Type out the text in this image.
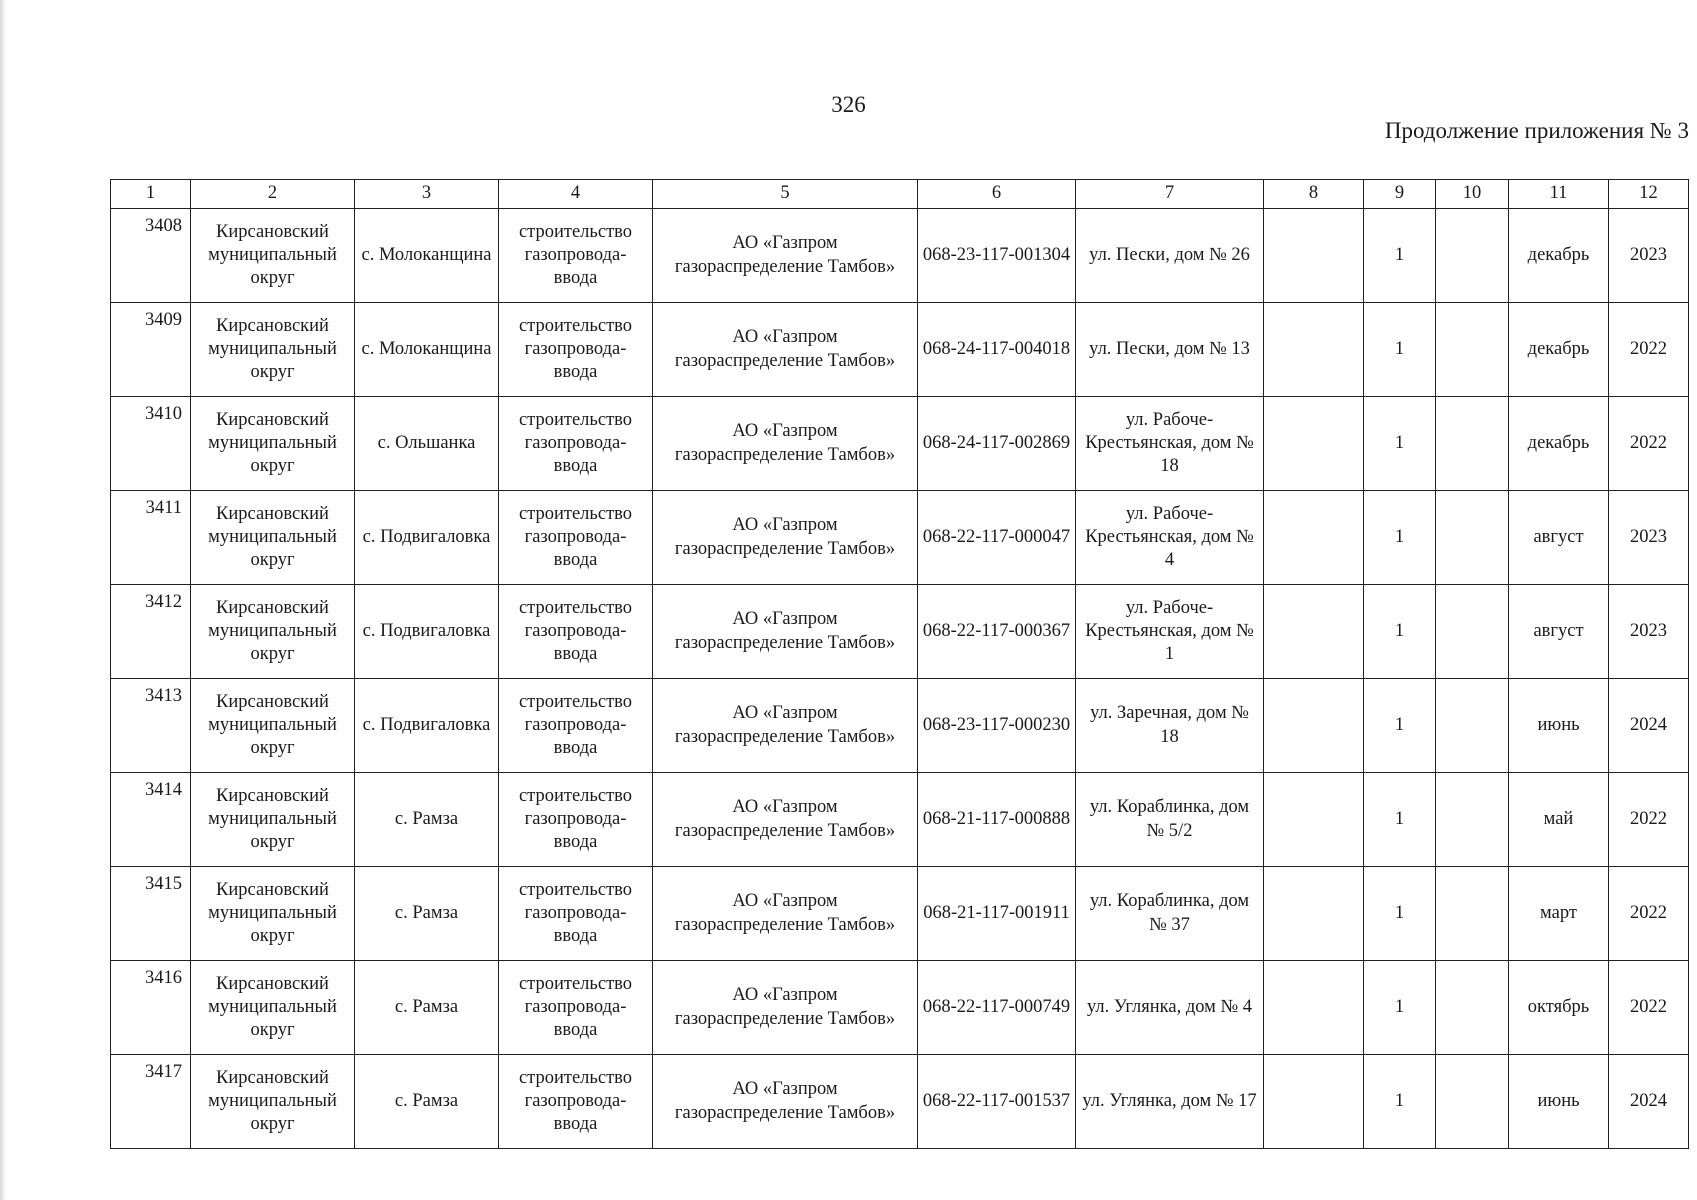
326
Продолжение приложения № 3
1	2	3	4	5	6	7	8	9	10	11	12
3408	Кирсановский муниципальный округ	с. Молоканщина	строительство газопровода-ввода	АО «Газпром газораспределение Тамбов»	068-23-117-001304	ул. Пески, дом № 26		1		декабрь	2023
3409	Кирсановский муниципальный округ	с. Молоканщина	строительство газопровода-ввода	АО «Газпром газораспределение Тамбов»	068-24-117-004018	ул. Пески, дом № 13		1		декабрь	2022
3410	Кирсановский муниципальный округ	с. Ольшанка	строительство газопровода-ввода	АО «Газпром газораспределение Тамбов»	068-24-117-002869	ул. Рабоче-Крестьянская, дом № 18		1		декабрь	2022
3411	Кирсановский муниципальный округ	с. Подвигаловка	строительство газопровода-ввода	АО «Газпром газораспределение Тамбов»	068-22-117-000047	ул. Рабоче-Крестьянская, дом № 4		1		август	2023
3412	Кирсановский муниципальный округ	с. Подвигаловка	строительство газопровода-ввода	АО «Газпром газораспределение Тамбов»	068-22-117-000367	ул. Рабоче-Крестьянская, дом № 1		1		август	2023
3413	Кирсановский муниципальный округ	с. Подвигаловка	строительство газопровода-ввода	АО «Газпром газораспределение Тамбов»	068-23-117-000230	ул. Заречная, дом № 18		1		июнь	2024
3414	Кирсановский муниципальный округ	с. Рамза	строительство газопровода-ввода	АО «Газпром газораспределение Тамбов»	068-21-117-000888	ул. Кораблинка, дом № 5/2		1		май	2022
3415	Кирсановский муниципальный округ	с. Рамза	строительство газопровода-ввода	АО «Газпром газораспределение Тамбов»	068-21-117-001911	ул. Кораблинка, дом № 37		1		март	2022
3416	Кирсановский муниципальный округ	с. Рамза	строительство газопровода-ввода	АО «Газпром газораспределение Тамбов»	068-22-117-000749	ул. Углянка, дом № 4		1		октябрь	2022
3417	Кирсановский муниципальный округ	с. Рамза	строительство газопровода-ввода	АО «Газпром газораспределение Тамбов»	068-22-117-001537	ул. Углянка, дом № 17		1		июнь	2024
